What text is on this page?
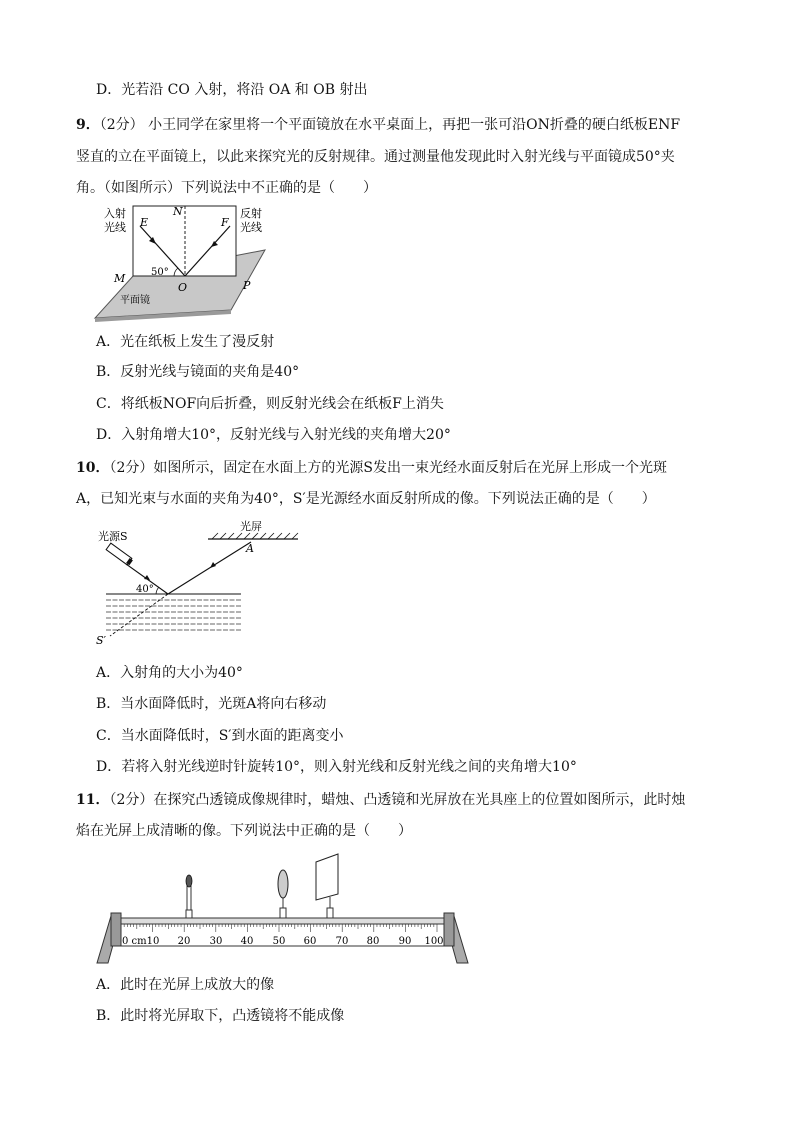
D．光若沿 CO 入射，将沿 OA 和 OB 射出
9．（2分） 小王同学在家里将一个平面镜放在水平桌面上，再把一张可沿ON折叠的硬白纸板ENF
竖直的立在平面镜上，以此来探究光的反射规律。通过测量他发现此时入射光线与平面镜成50°夹
角。（如图所示）下列说法中不正确的是（　　）
入射
光线
反射
光线
E
N
F
M	50°
O	P
平面镜
A．光在纸板上发生了漫反射
B．反射光线与镜面的夹角是40°
C．将纸板NOF向后折叠，则反射光线会在纸板F上消失
D．入射角增大10°，反射光线与入射光线的夹角增大20°
10．（2分）如图所示，固定在水面上方的光源S发出一束光经水面反射后在光屏上形成一个光斑
A，已知光束与水面的夹角为40°，S′是光源经水面反射所成的像。下列说法正确的是（　　）
光源S
光屏
A
40°
S′
A．入射角的大小为40°
B．当水面降低时，光斑A将向右移动
C．当水面降低时，S′到水面的距离变小
D．若将入射光线逆时针旋转10°，则入射光线和反射光线之间的夹角增大10°
11．（2分）在探究凸透镜成像规律时，蜡烛、凸透镜和光屏放在光具座上的位置如图所示，此时烛
焰在光屏上成清晰的像。下列说法中正确的是（　　）
0 cm 10 20 30 40 50 60 70 80 90 100
A．此时在光屏上成放大的像
B．此时将光屏取下，凸透镜将不能成像
